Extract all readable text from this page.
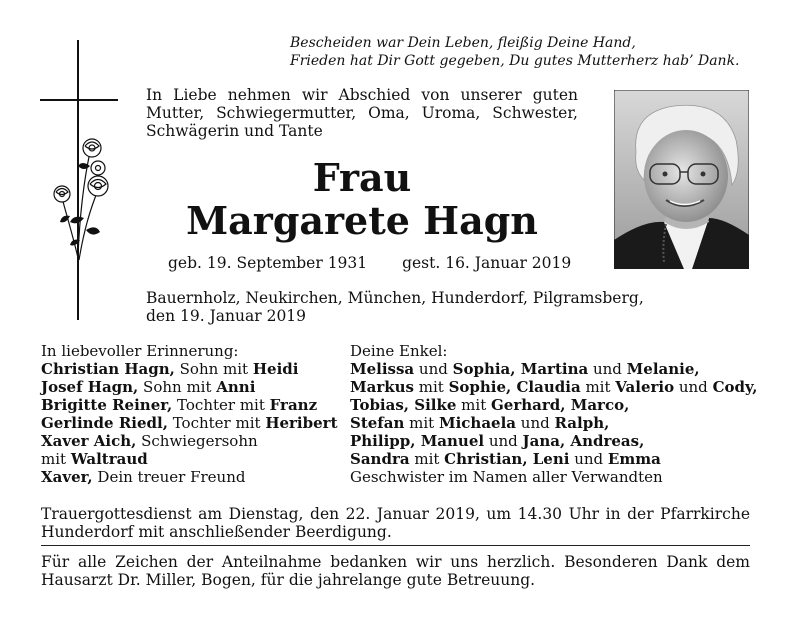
Bescheiden war Dein Leben, fleißig Deine Hand,
Frieden hat Dir Gott gegeben, Du gutes Mutterherz hab’ Dank.
In Liebe nehmen wir Abschied von unserer guten Mutter, Schwiegermutter, Oma, Uroma, Schwester, Schwägerin und Tante
Frau
Margarete Hagn
geb. 19. September 1931 gest. 16. Januar 2019
Bauernholz, Neukirchen, München, Hunderdorf, Pilgramsberg,
den 19. Januar 2019
In liebevoller Erinnerung:
Christian Hagn, Sohn mit Heidi
Josef Hagn, Sohn mit Anni
Brigitte Reiner, Tochter mit Franz
Gerlinde Riedl, Tochter mit Heribert
Xaver Aich, Schwiegersohn
mit Waltraud
Xaver, Dein treuer Freund
Deine Enkel:
Melissa und Sophia, Martina und Melanie,
Markus mit Sophie, Claudia mit Valerio und Cody,
Tobias, Silke mit Gerhard, Marco,
Stefan mit Michaela und Ralph,
Philipp, Manuel und Jana, Andreas,
Sandra mit Christian, Leni und Emma
Geschwister im Namen aller Verwandten
Trauergottesdienst am Dienstag, den 22. Januar 2019, um 14.30 Uhr in der Pfarrkirche Hunderdorf mit anschließender Beerdigung.
Für alle Zeichen der Anteilnahme bedanken wir uns herzlich. Besonderen Dank dem Hausarzt Dr. Miller, Bogen, für die jahrelange gute Betreuung.
